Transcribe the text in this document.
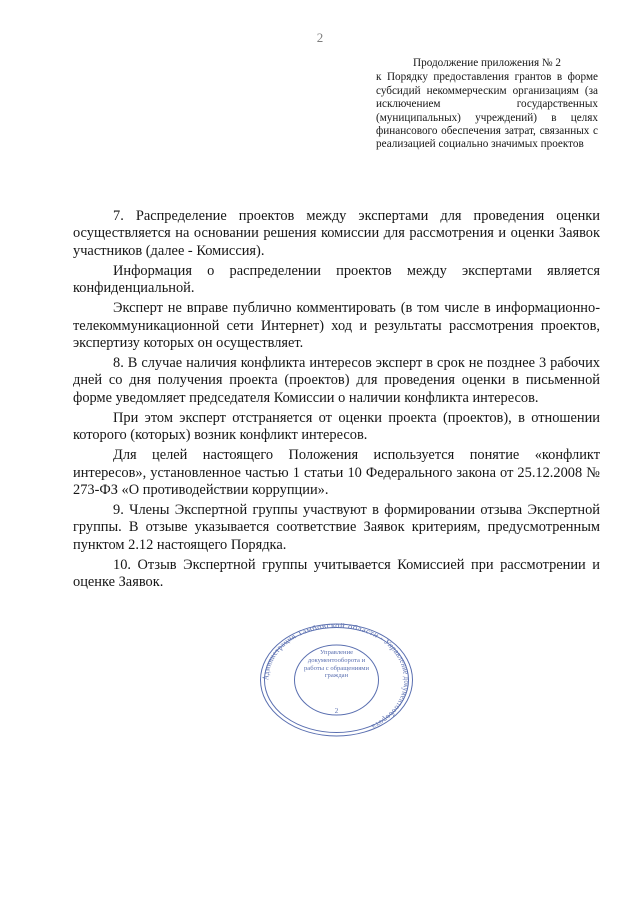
2
Продолжение приложения № 2
к Порядку предоставления грантов в форме субсидий некоммерческим организациям (за исключением государственных (муниципальных) учреждений) в целях финансового обеспечения затрат, связанных с реализацией социально значимых проектов

7. Распределение проектов между экспертами для проведения оценки осуществляется на основании решения комиссии для рассмотрения и оценки Заявок участников (далее - Комиссия).

Информация о распределении проектов между экспертами является конфиденциальной.

Эксперт не вправе публично комментировать (в том числе в информационно-телекоммуникационной сети Интернет) ход и результаты рассмотрения проектов, экспертизу которых он осуществляет.

8. В случае наличия конфликта интересов эксперт в срок не позднее 3 рабочих дней со дня получения проекта (проектов) для проведения оценки в письменной форме уведомляет председателя Комиссии о наличии конфликта интересов.

При этом эксперт отстраняется от оценки проекта (проектов), в отношении которого (которых) возник конфликт интересов.

Для целей настоящего Положения используется понятие «конфликт интересов», установленное частью 1 статьи 10 Федерального закона от 25.12.2008 № 273-ФЗ «О противодействии коррупции».

9. Члены Экспертной группы участвуют в формировании отзыва Экспертной группы. В отзыве указывается соответствие Заявок критериям, предусмотренным пунктом 2.12 настоящего Порядка.

10. Отзыв Экспертной группы учитывается Комиссией при рассмотрении и оценке Заявок.

Администрация Тамбовской области · Управление документооборота
Управление документооборота и работы с обращениями граждан
2
